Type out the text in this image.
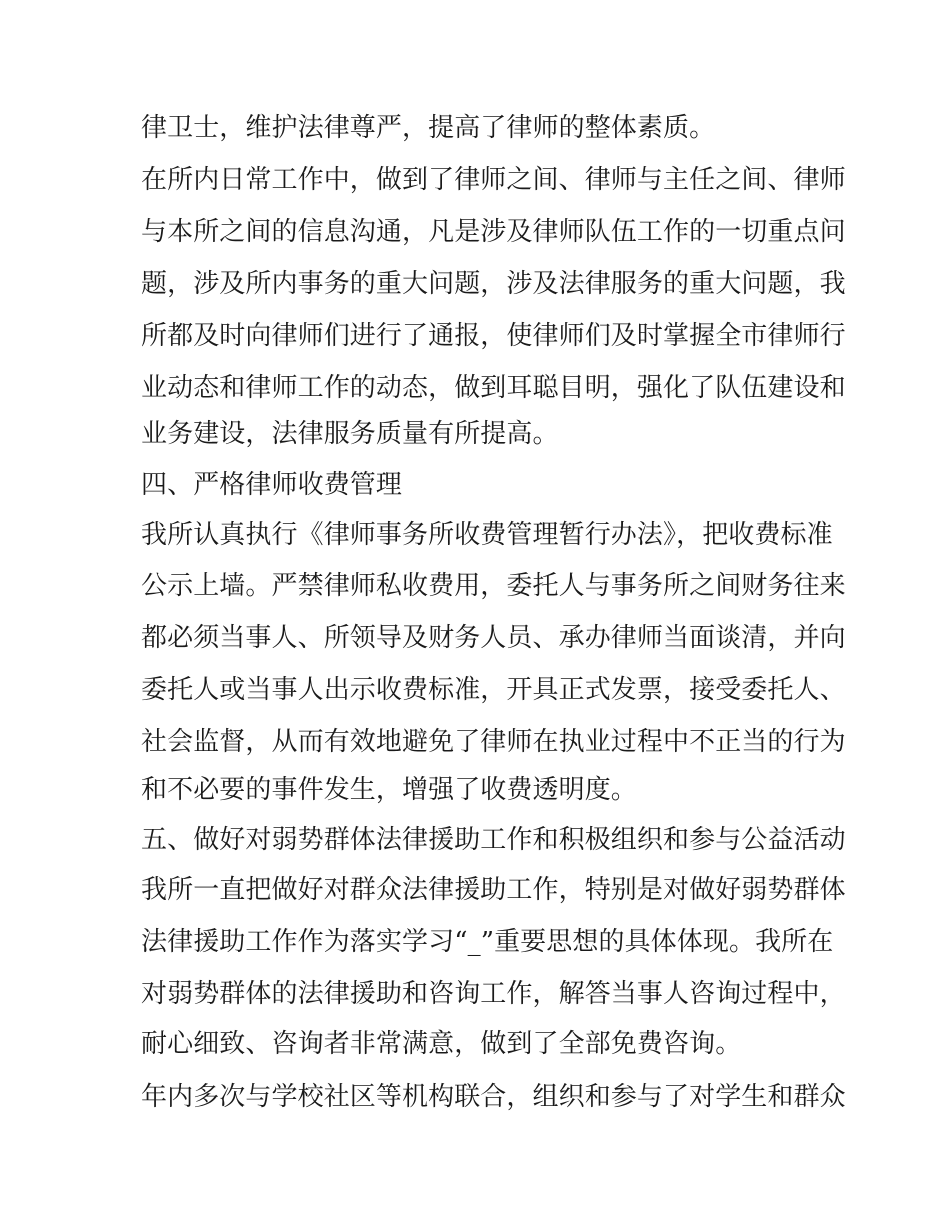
律卫士，维护法律尊严，提高了律师的整体素质。
在所内日常工作中，做到了律师之间、律师与主任之间、律师
与本所之间的信息沟通，凡是涉及律师队伍工作的一切重点问
题，涉及所内事务的重大问题，涉及法律服务的重大问题，我
所都及时向律师们进行了通报，使律师们及时掌握全市律师行
业动态和律师工作的动态，做到耳聪目明，强化了队伍建设和
业务建设，法律服务质量有所提高。
四、严格律师收费管理
我所认真执行《律师事务所收费管理暂行办法》，把收费标准
公示上墙。严禁律师私收费用，委托人与事务所之间财务往来
都必须当事人、所领导及财务人员、承办律师当面谈清，并向
委托人或当事人出示收费标准，开具正式发票，接受委托人、
社会监督，从而有效地避免了律师在执业过程中不正当的行为
和不必要的事件发生，增强了收费透明度。
五、做好对弱势群体法律援助工作和积极组织和参与公益活动
我所一直把做好对群众法律援助工作，特别是对做好弱势群体
法律援助工作作为落实学习“_”重要思想的具体体现。我所在
对弱势群体的法律援助和咨询工作，解答当事人咨询过程中，
耐心细致、咨询者非常满意，做到了全部免费咨询。
年内多次与学校社区等机构联合，组织和参与了对学生和群众
